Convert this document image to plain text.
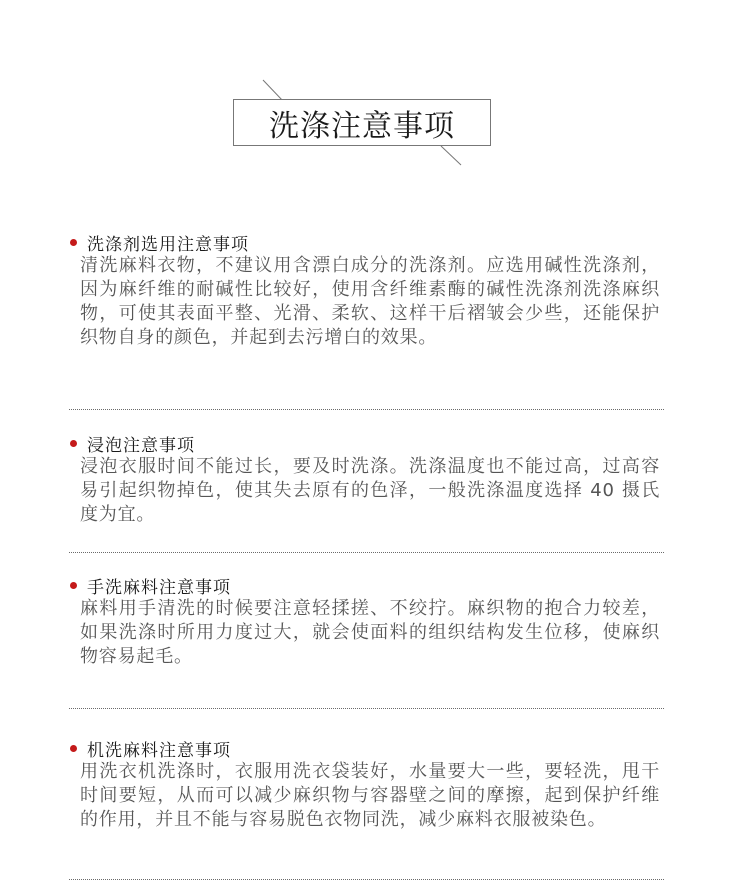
洗涤注意事项
洗涤剂选用注意事项
清洗麻料衣物，不建议用含漂白成分的洗涤剂。应选用碱性洗涤剂，因为麻纤维的耐碱性比较好，使用含纤维素酶的碱性洗涤剂洗涤麻织物，可使其表面平整、光滑、柔软、这样干后褶皱会少些，还能保护织物自身的颜色，并起到去污增白的效果。
浸泡注意事项
浸泡衣服时间不能过长，要及时洗涤。洗涤温度也不能过高，过高容易引起织物掉色，使其失去原有的色泽，一般洗涤温度选择 40 摄氏度为宜。
手洗麻料注意事项
麻料用手清洗的时候要注意轻揉搓、不绞拧。麻织物的抱合力较差，如果洗涤时所用力度过大，就会使面料的组织结构发生位移，使麻织物容易起毛。
机洗麻料注意事项
用洗衣机洗涤时，衣服用洗衣袋装好，水量要大一些，要轻洗，甩干时间要短，从而可以减少麻织物与容器壁之间的摩擦，起到保护纤维的作用，并且不能与容易脱色衣物同洗，减少麻料衣服被染色。
